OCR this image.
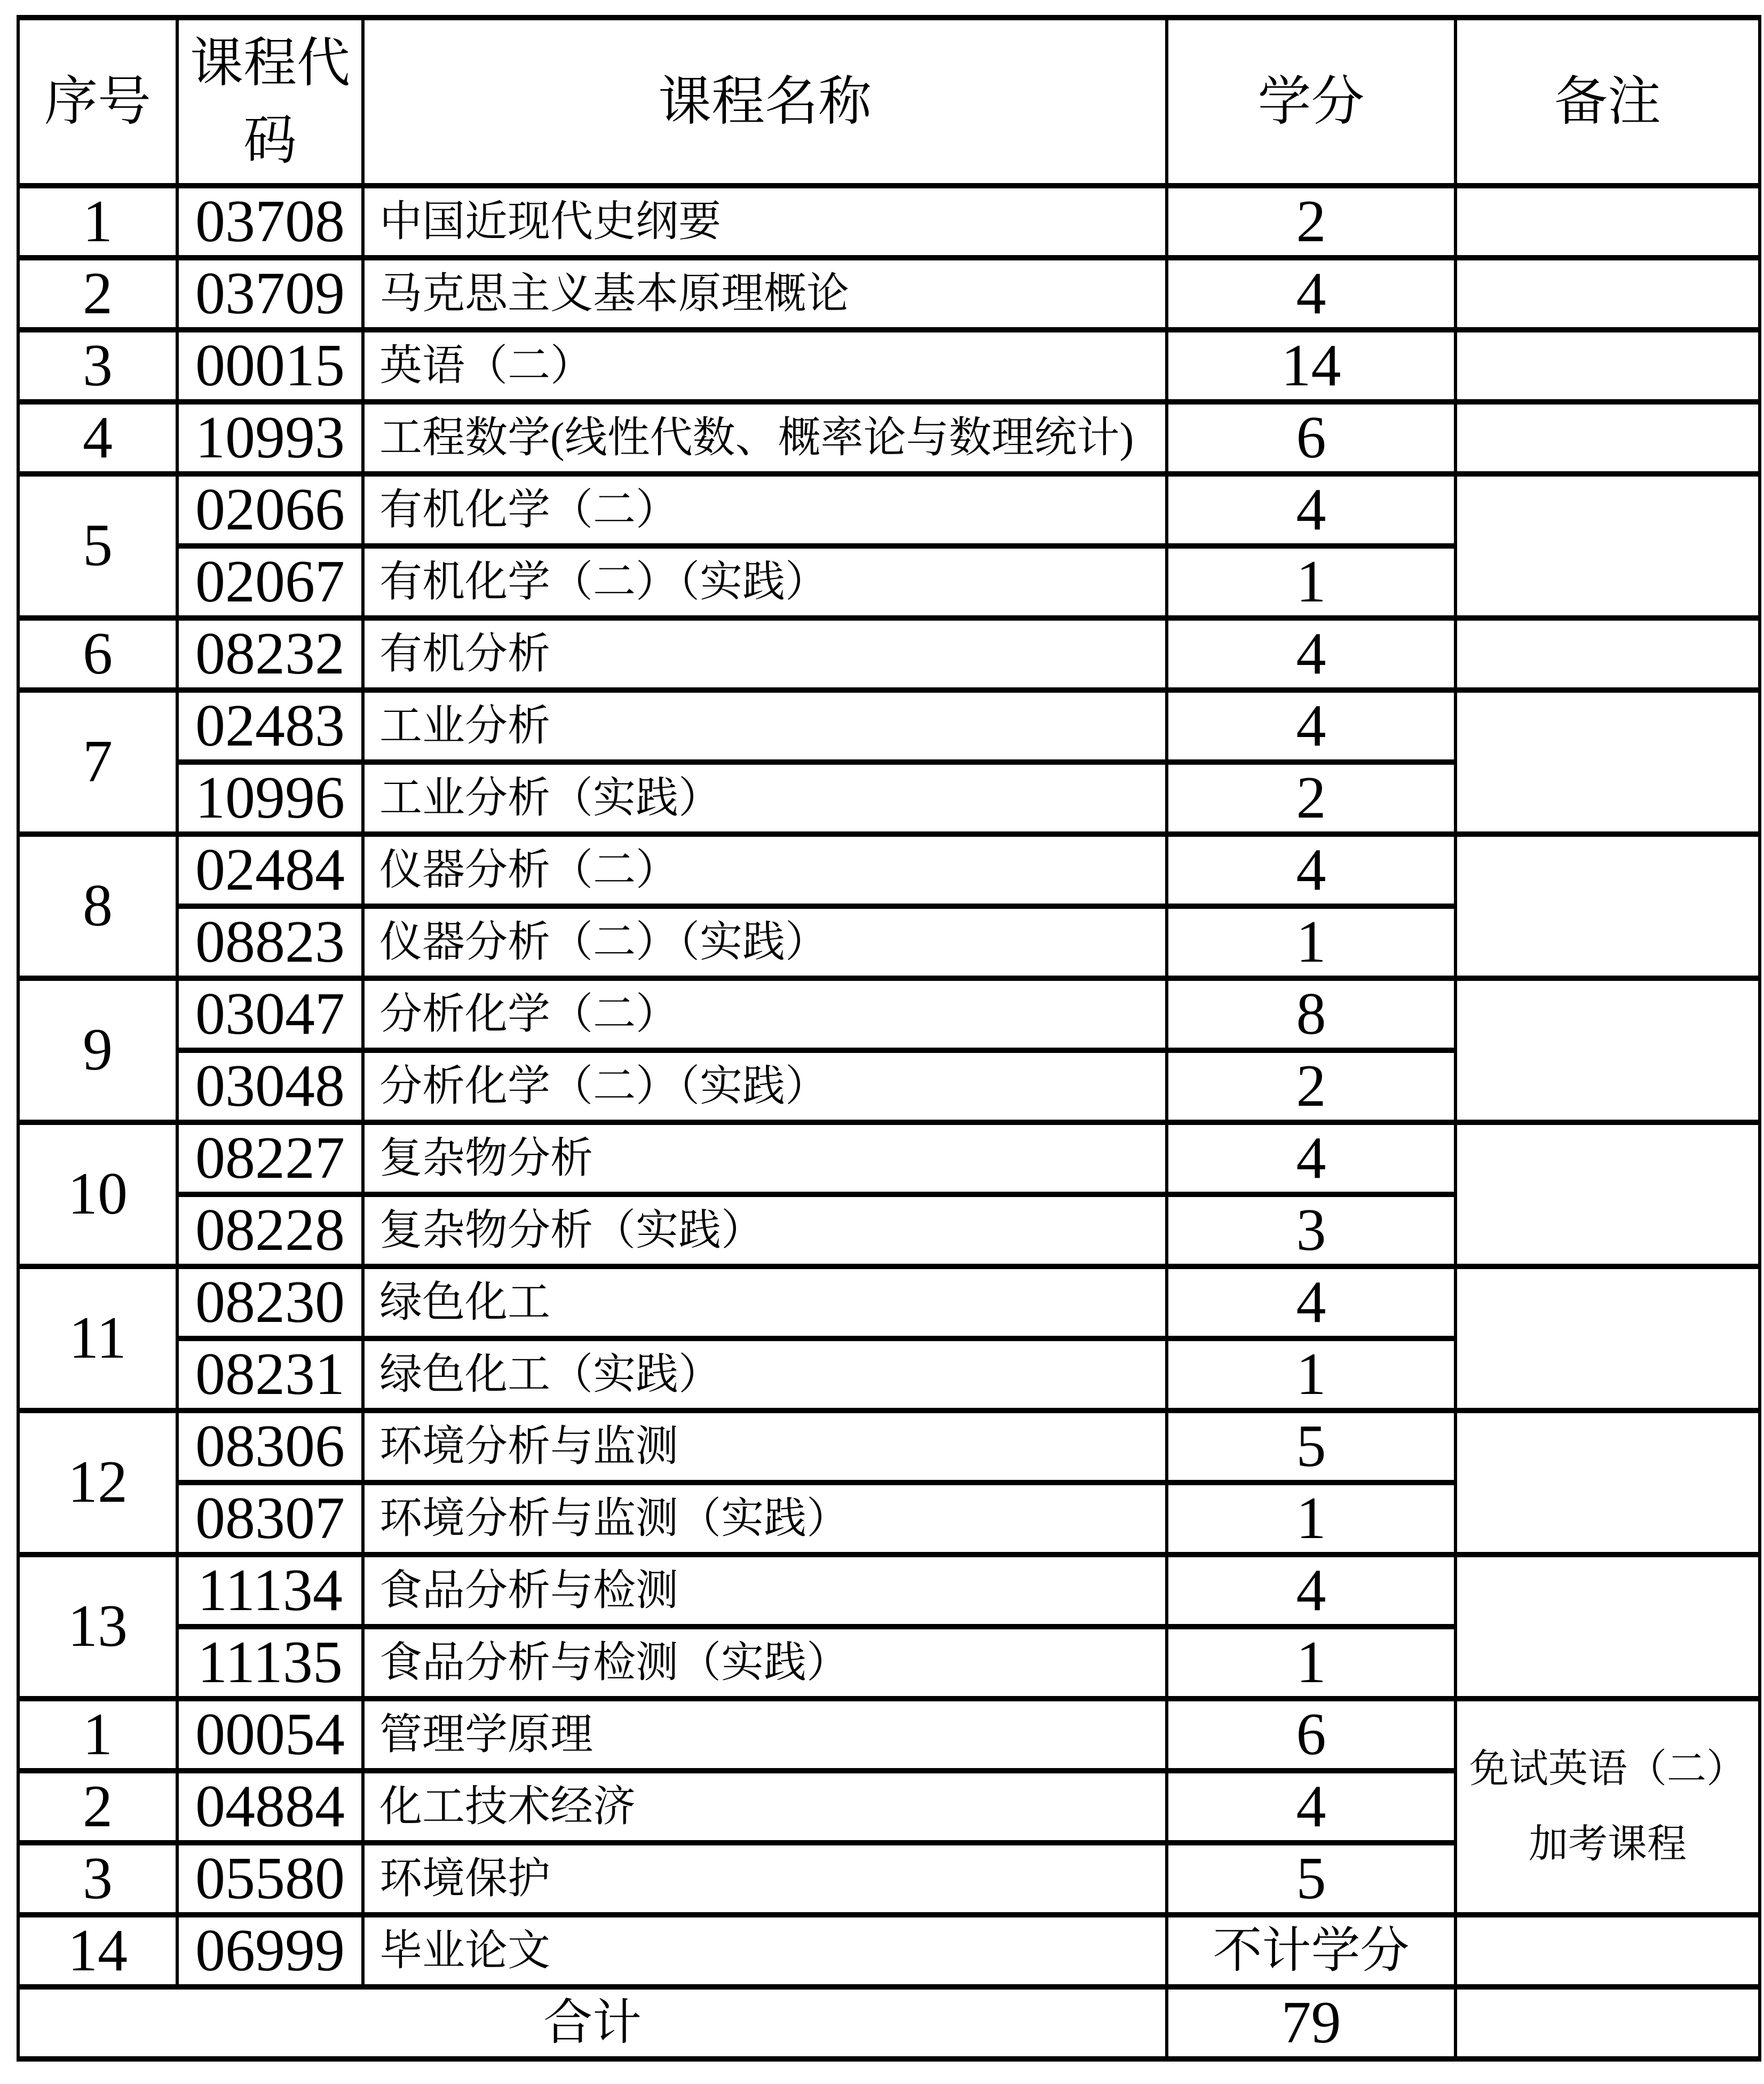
序号	课程代码	课程名称	学分	备注
1	03708	中国近现代史纲要	2	
2	03709	马克思主义基本原理概论	4	
3	00015	英语（二）	14	
4	10993	工程数学(线性代数、概率论与数理统计)	6	
5	02066	有机化学（二）	4	
	02067	有机化学（二）（实践）	1	
6	08232	有机分析	4	
7	02483	工业分析	4	
	10996	工业分析（实践）	2	
8	02484	仪器分析（二）	4	
	08823	仪器分析（二）（实践）	1	
9	03047	分析化学（二）	8	
	03048	分析化学（二）（实践）	2	
10	08227	复杂物分析	4	
	08228	复杂物分析（实践）	3	
11	08230	绿色化工	4	
	08231	绿色化工（实践）	1	
12	08306	环境分析与监测	5	
	08307	环境分析与监测（实践）	1	
13	11134	食品分析与检测	4	
	11135	食品分析与检测（实践）	1	
1	00054	管理学原理	6	免试英语（二）加考课程
2	04884	化工技术经济	4	
3	05580	环境保护	5	
14	06999	毕业论文	不计学分	
合计			79	
